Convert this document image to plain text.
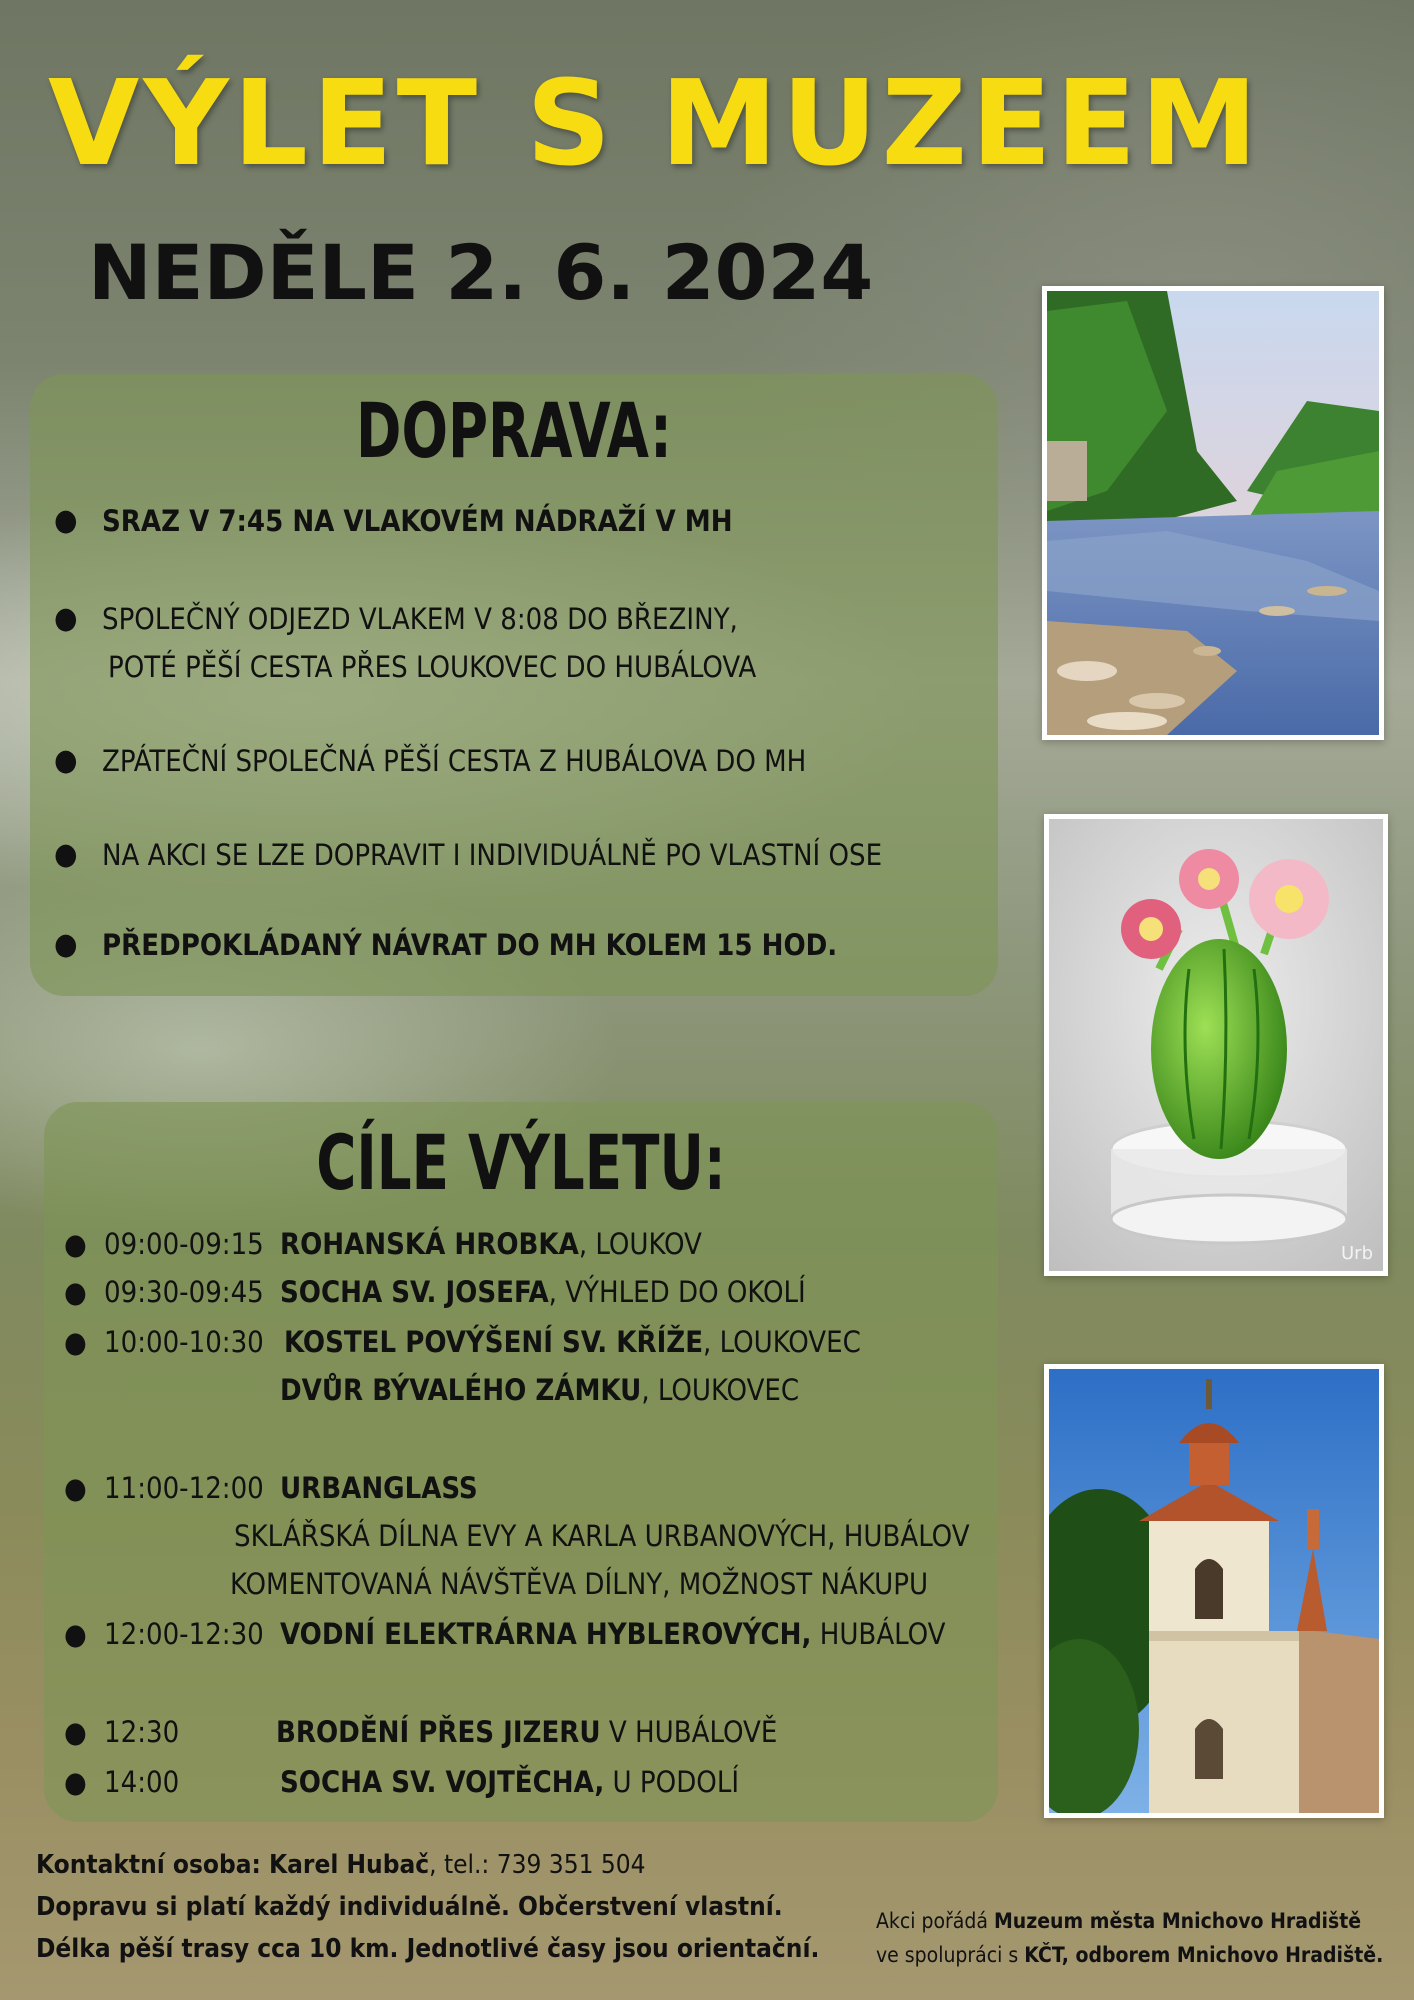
VÝLET S MUZEEM
NEDĚLE 2. 6. 2024
DOPRAVA:
● SRAZ V 7:45 NA VLAKOVÉM NÁDRAŽÍ V MH
● SPOLEČNÝ ODJEZD VLAKEM V 8:08 DO BŘEZINY,
POTÉ PĚŠÍ CESTA PŘES LOUKOVEC DO HUBÁLOVA
● ZPÁTEČNÍ SPOLEČNÁ PĚŠÍ CESTA Z HUBÁLOVA DO MH
● NA AKCI SE LZE DOPRAVIT I INDIVIDUÁLNĚ PO VLASTNÍ OSE
● PŘEDPOKLÁDANÝ NÁVRAT DO MH KOLEM 15 HOD.
CÍLE VÝLETU:
● 09:00-09:15 ROHANSKÁ HROBKA, LOUKOV
● 09:30-09:45 SOCHA SV. JOSEFA, VÝHLED DO OKOLÍ
● 10:00-10:30 KOSTEL POVÝŠENÍ SV. KŘÍŽE, LOUKOVEC
DVŮR BÝVALÉHO ZÁMKU, LOUKOVEC
● 11:00-12:00 URBANGLASS
SKLÁŘSKÁ DÍLNA EVY A KARLA URBANOVÝCH, HUBÁLOV
KOMENTOVANÁ NÁVŠTĚVA DÍLNY, MOŽNOST NÁKUPU
● 12:00-12:30 VODNÍ ELEKTRÁRNA HYBLEROVÝCH, HUBÁLOV
● 12:30	BRODĚNÍ PŘES JIZERU V HUBÁLOVĚ
● 14:00	SOCHA SV. VOJTĚCHA, U PODOLÍ
Urb
Kontaktní osoba: Karel Hubač, tel.: 739 351 504
Dopravu si platí každý individuálně. Občerstvení vlastní.
Délka pěší trasy cca 10 km. Jednotlivé časy jsou orientační.
Akci pořádá Muzeum města Mnichovo Hradiště
ve spolupráci s KČT, odborem Mnichovo Hradiště.
